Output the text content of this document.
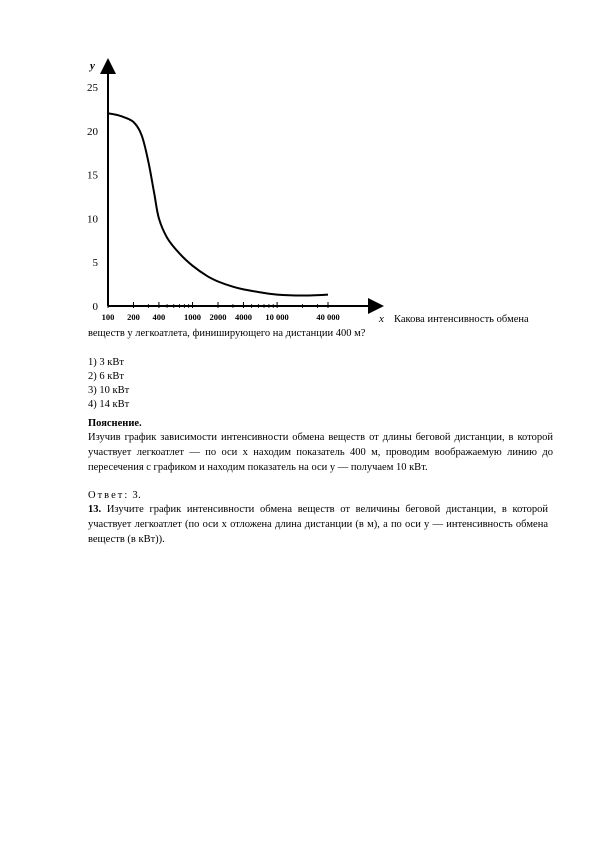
y
x
0
5
10
15
20
25
100 200 400 1000 2000 4000 10 000	40 000	Какова интенсивность обмена
веществ у легкоатлета, финиширующего на дистанции 400 м?
1) 3 кВт
2) 6 кВт
3) 10 кВт
4) 14 кВт
Пояснение.
Изучив график зависимости интенсивности обмена веществ от длины беговой дистанции, в которой участвует легкоатлет — по оси x находим показатель 400 м, проводим воображаемую линию до пересечения с графиком и находим показатель на оси y — получаем 10 кВт.
Ответ: 3.
13. Изучите график интенсивности обмена веществ от величины беговой дистанции, в которой участвует легкоатлет (по оси x отложена длина дистанции (в м), а по оси y — интенсивность обмена веществ (в кВт)).
